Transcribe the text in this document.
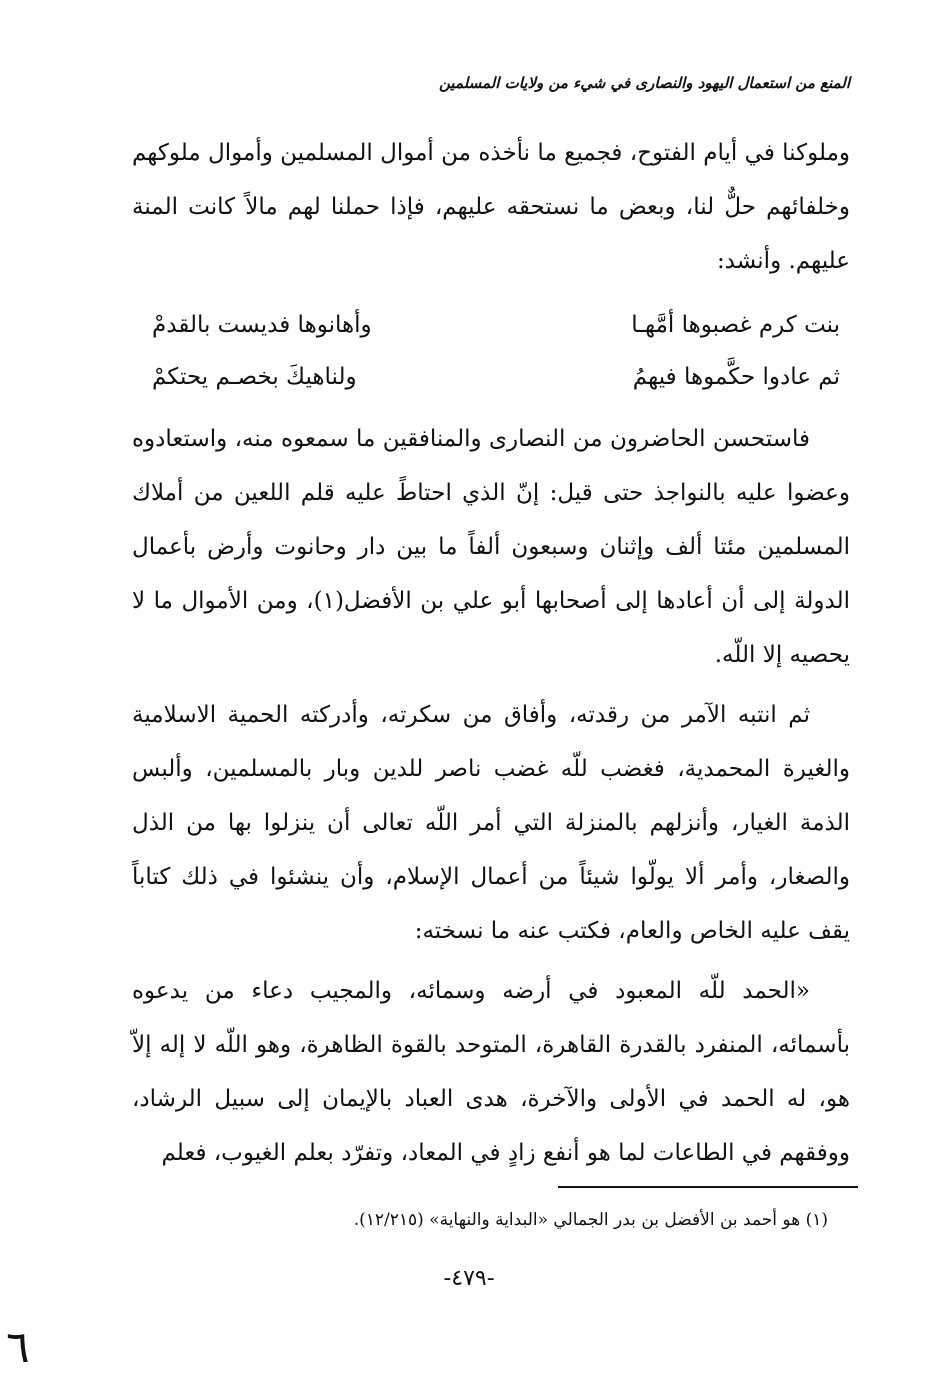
المنع من استعمال اليهود والنصارى في شيء من ولايات المسلمين

وملوكنا في أيام الفتوح، فجميع ما نأخذه من أموال المسلمين وأموال ملوكهم وخلفائهم حلٌّ لنا، وبعض ما نستحقه عليهم، فإذا حملنا لهم مالاً كانت المنة عليهم. وأنشد:

بنت كرم غصبوها أمَّهـا
وأهانوها فديست بالقدمْ
ثم عادوا حكَّموها فيهمُ
ولناهيكَ بخصـم يحتكمْ

فاستحسن الحاضرون من النصارى والمنافقين ما سمعوه منه، واستعادوه وعضوا عليه بالنواجذ حتى قيل: إنّ الذي احتاطً عليه قلم اللعين من أملاك المسلمين مئتا ألف وإثنان وسبعون ألفاً ما بين دار وحانوت وأرض بأعمال الدولة إلى أن أعادها إلى أصحابها أبو علي بن الأفضل(١)، ومن الأموال ما لا يحصيه إلا اللّه.

ثم انتبه الآمر من رقدته، وأفاق من سكرته، وأدركته الحمية الاسلامية والغيرة المحمدية، فغضب للّه غضب ناصر للدين وبار بالمسلمين، وألبس الذمة الغيار، وأنزلهم بالمنزلة التي أمر اللّه تعالى أن ينزلوا بها من الذل والصغار، وأمر ألا يولّوا شيئاً من أعمال الإسلام، وأن ينشئوا في ذلك كتاباً يقف عليه الخاص والعام، فكتب عنه ما نسخته:

«الحمد للّه المعبود في أرضه وسمائه، والمجيب دعاء من يدعوه بأسمائه، المنفرد بالقدرة القاهرة، المتوحد بالقوة الظاهرة، وهو اللّه لا إله إلاّ هو، له الحمد في الأولى والآخرة، هدى العباد بالإيمان إلى سبيل الرشاد، ووفقهم في الطاعات لما هو أنفع زادٍ في المعاد، وتفرّد بعلم الغيوب، فعلم

(١) هو أحمد بن الأفضل بن بدر الجمالي «البداية والنهاية» (١٢/٢١٥).
-٤٧٩-
٦
